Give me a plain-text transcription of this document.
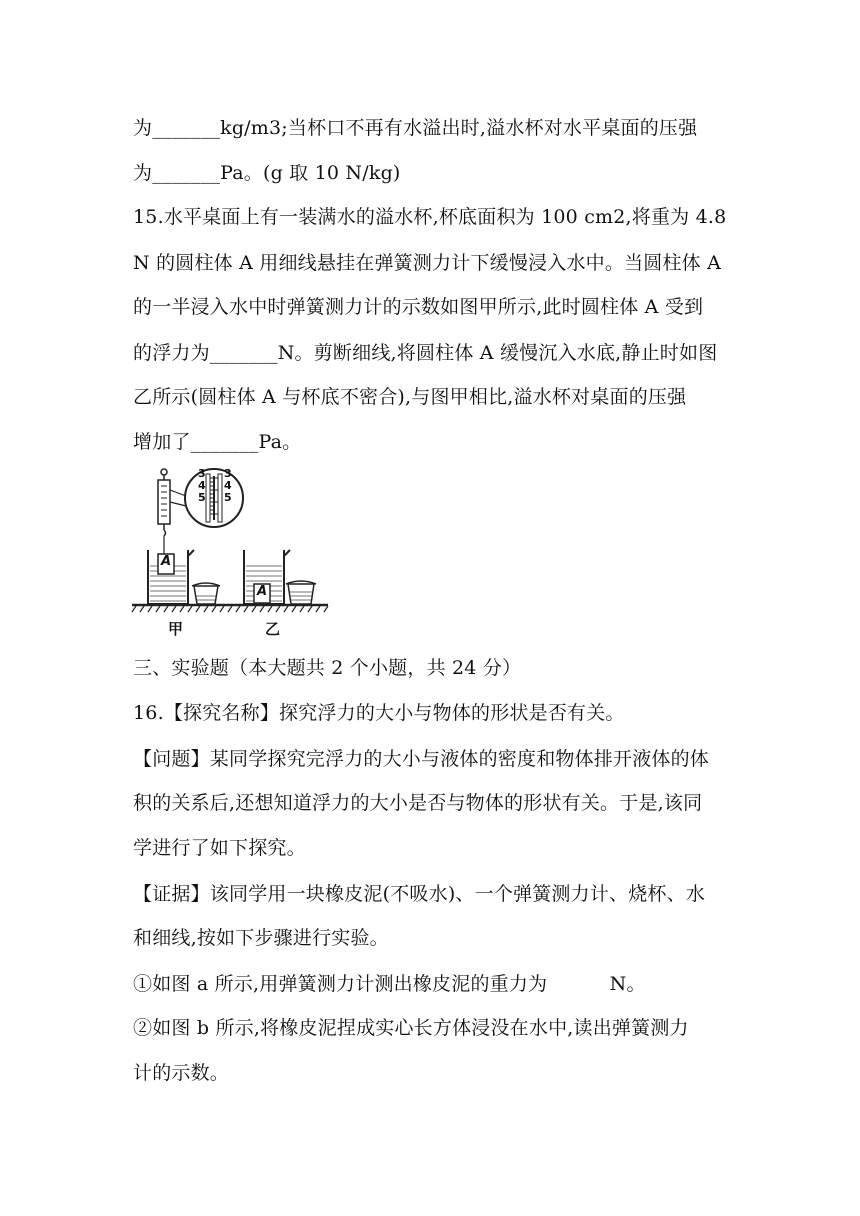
为_______kg/m3;当杯口不再有水溢出时,溢水杯对水平桌面的压强
为_______Pa。(g 取 10 N/kg)
15.水平桌面上有一装满水的溢水杯,杯底面积为 100 cm2,将重为 4.8
N 的圆柱体 A 用细线悬挂在弹簧测力计下缓慢浸入水中。当圆柱体 A
的一半浸入水中时弹簧测力计的示数如图甲所示,此时圆柱体 A 受到
的浮力为_______N。剪断细线,将圆柱体 A 缓慢沉入水底,静止时如图
乙所示(圆柱体 A 与杯底不密合),与图甲相比,溢水杯对桌面的压强
增加了_______Pa。
3
4
5
3
4
5
A
A
甲	乙
三、实验题（本大题共 2 个小题，共 24 分）
16.【探究名称】探究浮力的大小与物体的形状是否有关。
【问题】某同学探究完浮力的大小与液体的密度和物体排开液体的体
积的关系后,还想知道浮力的大小是否与物体的形状有关。于是,该同
学进行了如下探究。
【证据】该同学用一块橡皮泥(不吸水)、一个弹簧测力计、烧杯、水
和细线,按如下步骤进行实验。
①如图 a 所示,用弹簧测力计测出橡皮泥的重力为          N。
②如图 b 所示,将橡皮泥捏成实心长方体浸没在水中,读出弹簧测力
计的示数。
